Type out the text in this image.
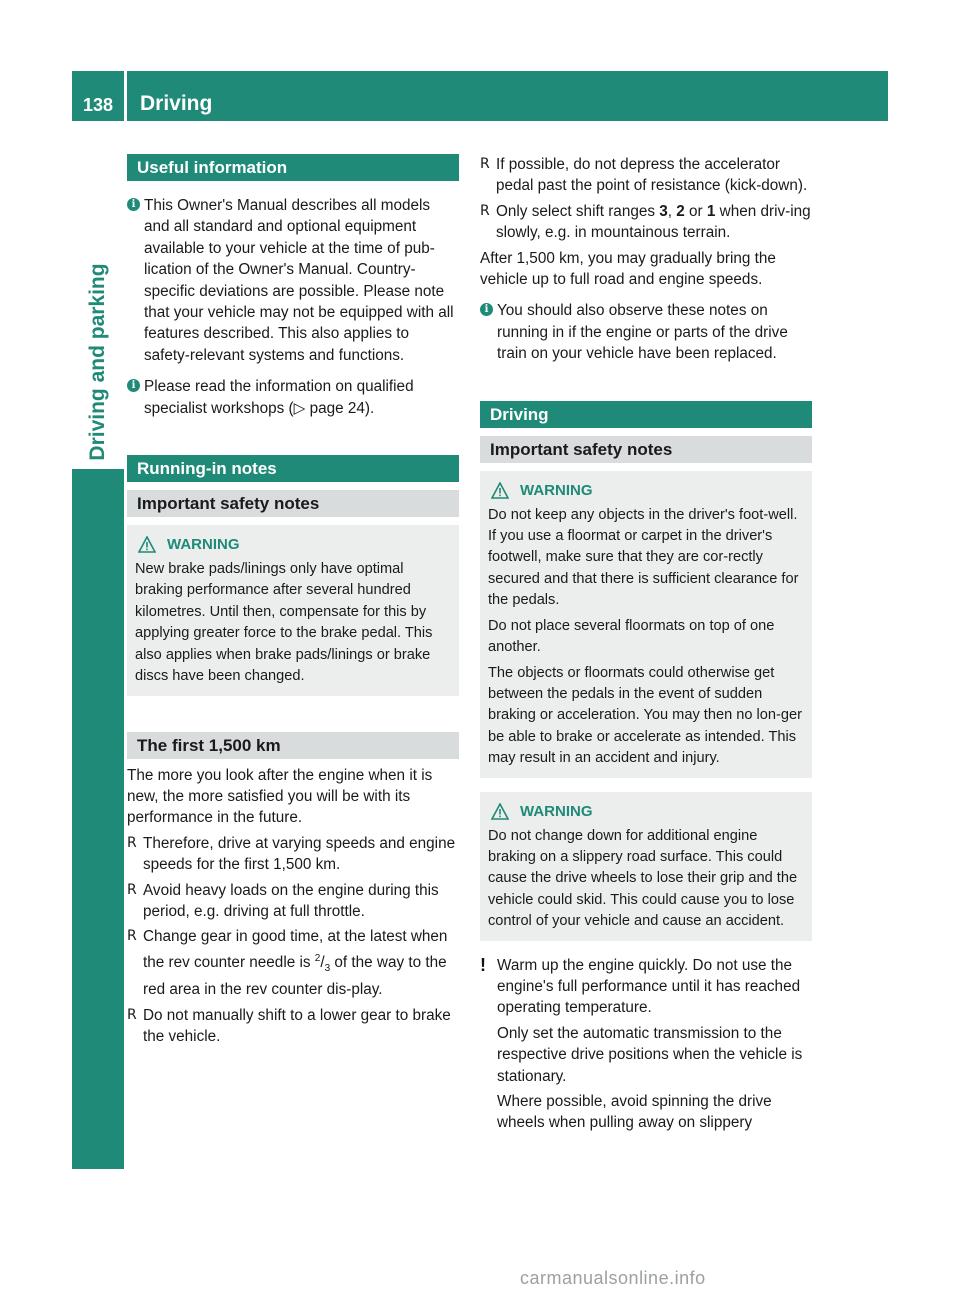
138	Driving
Driving and parking
Useful information
i This Owner's Manual describes all models and all standard and optional equipment available to your vehicle at the time of pub-lication of the Owner's Manual. Country-specific deviations are possible. Please note that your vehicle may not be equipped with all features described. This also applies to safety-relevant systems and functions.
i Please read the information on qualified specialist workshops (▷ page 24).
Running-in notes
Important safety notes
WARNING

New brake pads/linings only have optimal braking performance after several hundred kilometres. Until then, compensate for this by applying greater force to the brake pedal. This also applies when brake pads/linings or brake discs have been changed.

The first 1,500 km

The more you look after the engine when it is new, the more satisfied you will be with its performance in the future.

R Therefore, drive at varying speeds and engine speeds for the first 1,500 km.
R Avoid heavy loads on the engine during this period, e.g. driving at full throttle.
R Change gear in good time, at the latest when the rev counter needle is $^2/_3$ of the way to the red area in the rev counter dis-play.
R Do not manually shift to a lower gear to brake the vehicle.
R If possible, do not depress the accelerator pedal past the point of resistance (kick-down).
R Only select shift ranges 3, 2 or 1 when driv-ing slowly, e.g. in mountainous terrain.

After 1,500 km, you may gradually bring the vehicle up to full road and engine speeds.

i You should also observe these notes on running in if the engine or parts of the drive train on your vehicle have been replaced.
Driving
Important safety notes
WARNING

Do not keep any objects in the driver's foot-well. If you use a floormat or carpet in the driver's footwell, make sure that they are cor-rectly secured and that there is sufficient clearance for the pedals.

Do not place several floormats on top of one another.

The objects or floormats could otherwise get between the pedals in the event of sudden braking or acceleration. You may then no lon-ger be able to brake or accelerate as intended. This may result in an accident and injury.

WARNING

Do not change down for additional engine braking on a slippery road surface. This could cause the drive wheels to lose their grip and the vehicle could skid. This could cause you to lose control of your vehicle and cause an accident.

! Warm up the engine quickly. Do not use the engine's full performance until it has reached operating temperature.

Only set the automatic transmission to the respective drive positions when the vehicle is stationary.

Where possible, avoid spinning the drive wheels when pulling away on slippery

carmanualsonline.info
